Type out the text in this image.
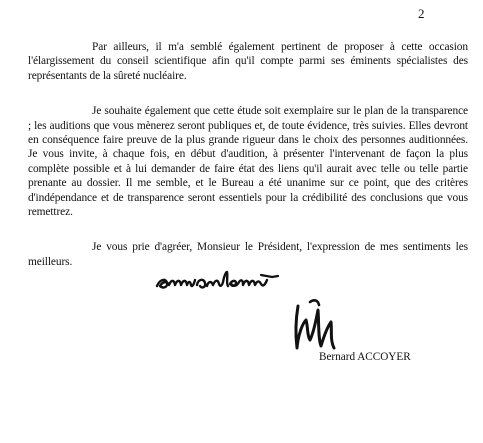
2

Par ailleurs, il m'a semblé également pertinent de proposer à cette occasion l'élargissement du conseil scientifique afin qu'il compte parmi ses éminents spécialistes des représentants de la sûreté nucléaire.

Je souhaite également que cette étude soit exemplaire sur le plan de la transparence ; les auditions que vous mènerez seront publiques et, de toute évidence, très suivies. Elles devront en conséquence faire preuve de la plus grande rigueur dans le choix des personnes auditionnées. Je vous invite, à chaque fois, en début d'audition, à présenter l'intervenant de façon la plus complète possible et à lui demander de faire état des liens qu'il aurait avec telle ou telle partie prenante au dossier. Il me semble, et le Bureau a été unanime sur ce point, que des critères d'indépendance et de transparence seront essentiels pour la crédibilité des conclusions que vous remettrez.

Je vous prie d'agréer, Monsieur le Président, l'expression de mes sentiments les meilleurs.

Bernard ACCOYER
